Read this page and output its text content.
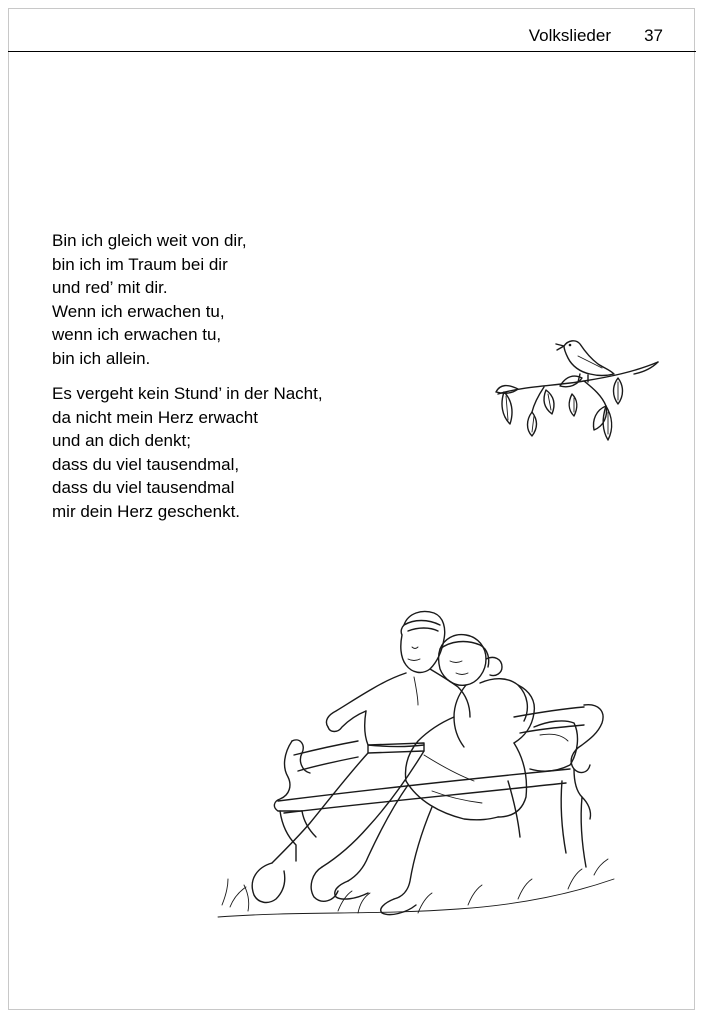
Volkslieder 37
Bin ich gleich weit von dir,
bin ich im Traum bei dir
und red’ mit dir.
Wenn ich erwachen tu,
wenn ich erwachen tu,
bin ich allein.
Es vergeht kein Stund’ in der Nacht,
da nicht mein Herz erwacht
und an dich denkt;
dass du viel tausendmal,
dass du viel tausendmal
mir dein Herz geschenkt.
